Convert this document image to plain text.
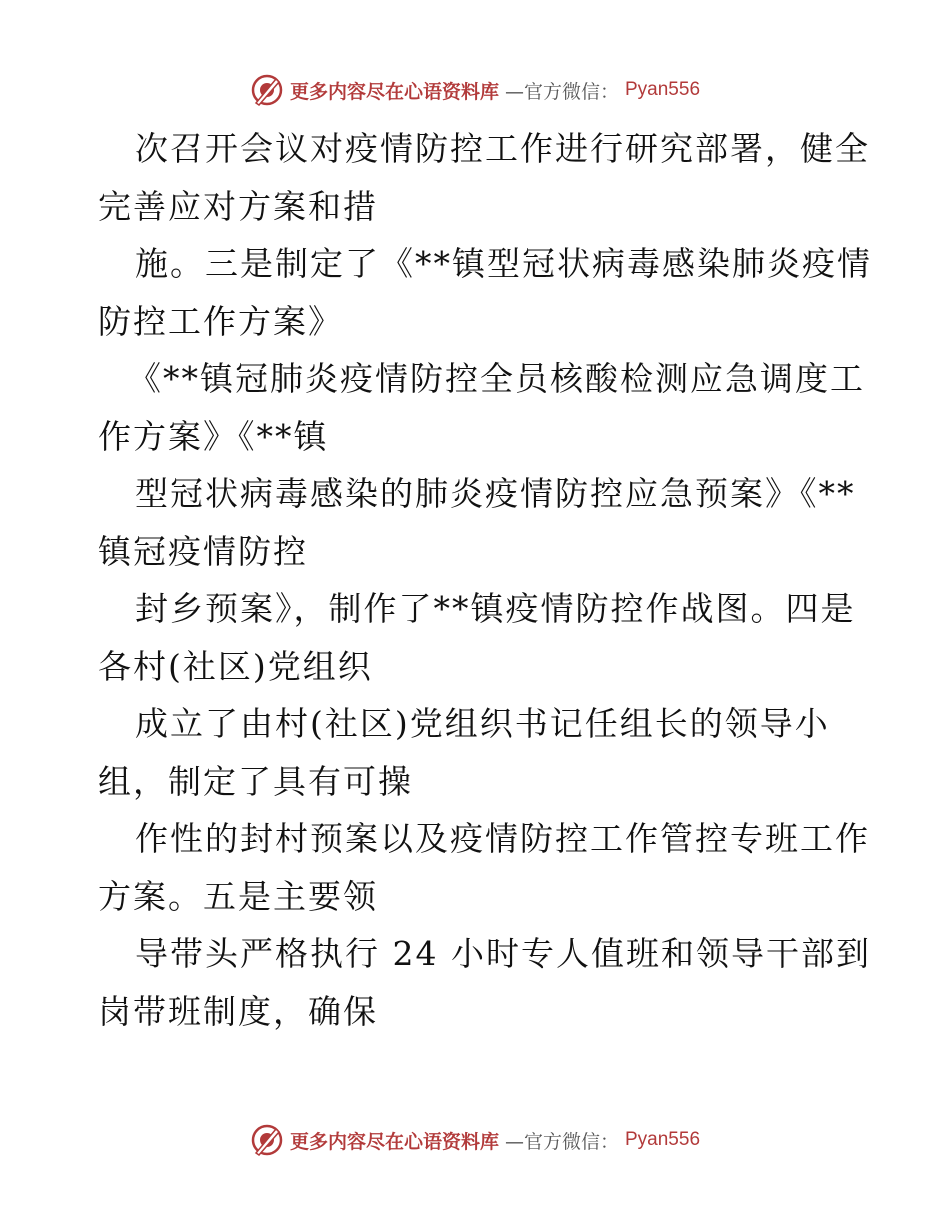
更多内容尽在心语资料库 —官方微信： Pyan556
次召开会议对疫情防控工作进行研究部署，健全
完善应对方案和措
施。三是制定了《**镇型冠状病毒感染肺炎疫情
防控工作方案》
《**镇冠肺炎疫情防控全员核酸检测应急调度工
作方案》《**镇
型冠状病毒感染的肺炎疫情防控应急预案》《**
镇冠疫情防控
封乡预案》，制作了**镇疫情防控作战图。四是
各村(社区)党组织
成立了由村(社区)党组织书记任组长的领导小
组，制定了具有可操
作性的封村预案以及疫情防控工作管控专班工作
方案。五是主要领
导带头严格执行 24 小时专人值班和领导干部到
岗带班制度，确保
更多内容尽在心语资料库 —官方微信： Pyan556
